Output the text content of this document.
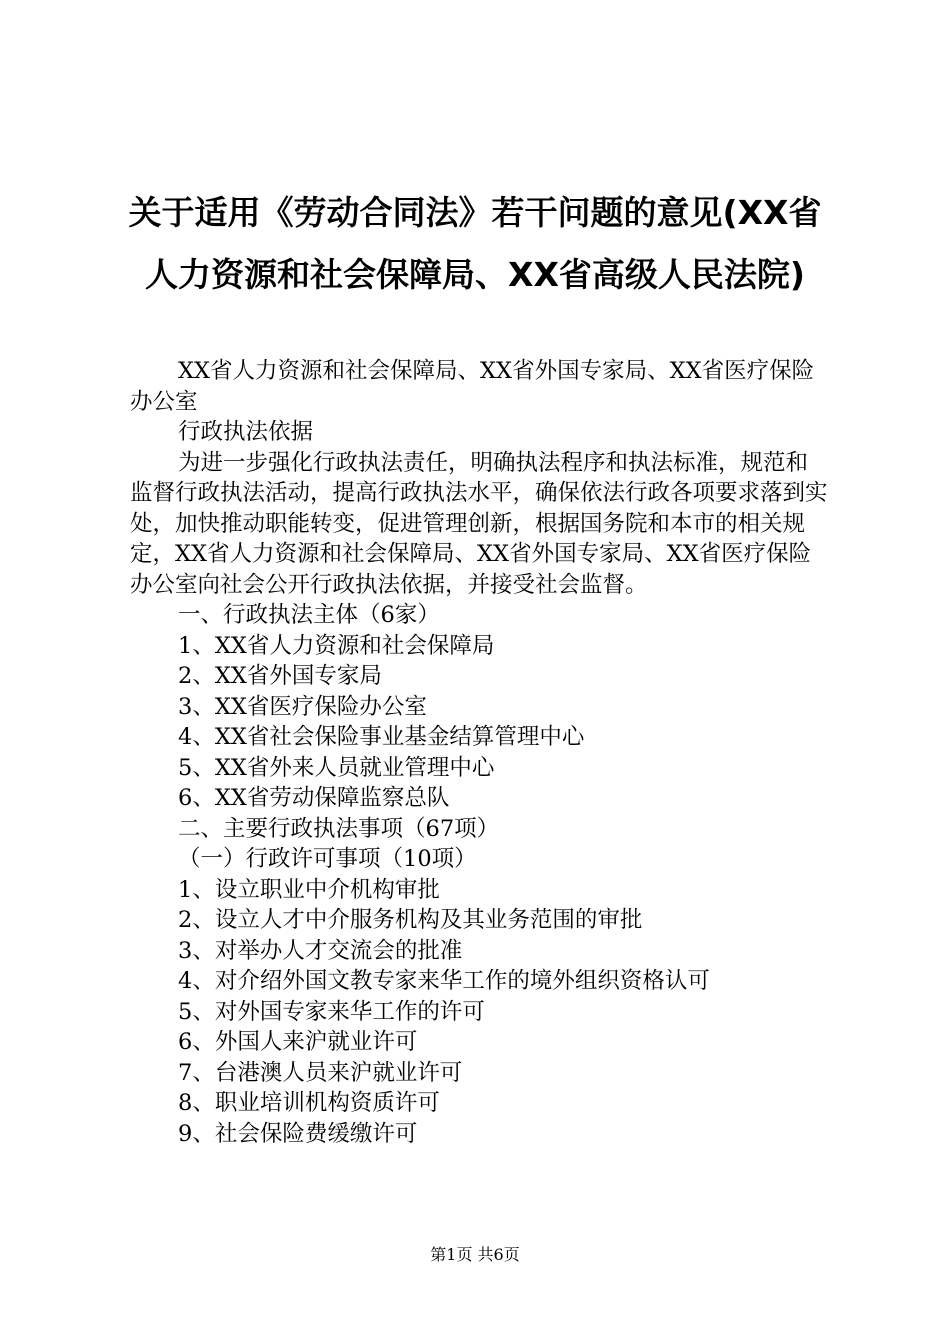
关于适用《劳动合同法》若干问题的意见(XX省人力资源和社会保障局、XX省高级人民法院)

XX省人力资源和社会保障局、XX省外国专家局、XX省医疗保险办公室

行政执法依据

为进一步强化行政执法责任，明确执法程序和执法标准，规范和监督行政执法活动，提高行政执法水平，确保依法行政各项要求落到实处，加快推动职能转变，促进管理创新，根据国务院和本市的相关规定，XX省人力资源和社会保障局、XX省外国专家局、XX省医疗保险办公室向社会公开行政执法依据，并接受社会监督。

一、行政执法主体（6家）

1、XX省人力资源和社会保障局

2、XX省外国专家局

3、XX省医疗保险办公室

4、XX省社会保险事业基金结算管理中心

5、XX省外来人员就业管理中心

6、XX省劳动保障监察总队

二、主要行政执法事项（67项）

（一）行政许可事项（10项）

1、设立职业中介机构审批

2、设立人才中介服务机构及其业务范围的审批

3、对举办人才交流会的批准

4、对介绍外国文教专家来华工作的境外组织资格认可

5、对外国专家来华工作的许可

6、外国人来沪就业许可

7、台港澳人员来沪就业许可

8、职业培训机构资质许可

9、社会保险费缓缴许可

第1页 共6页
